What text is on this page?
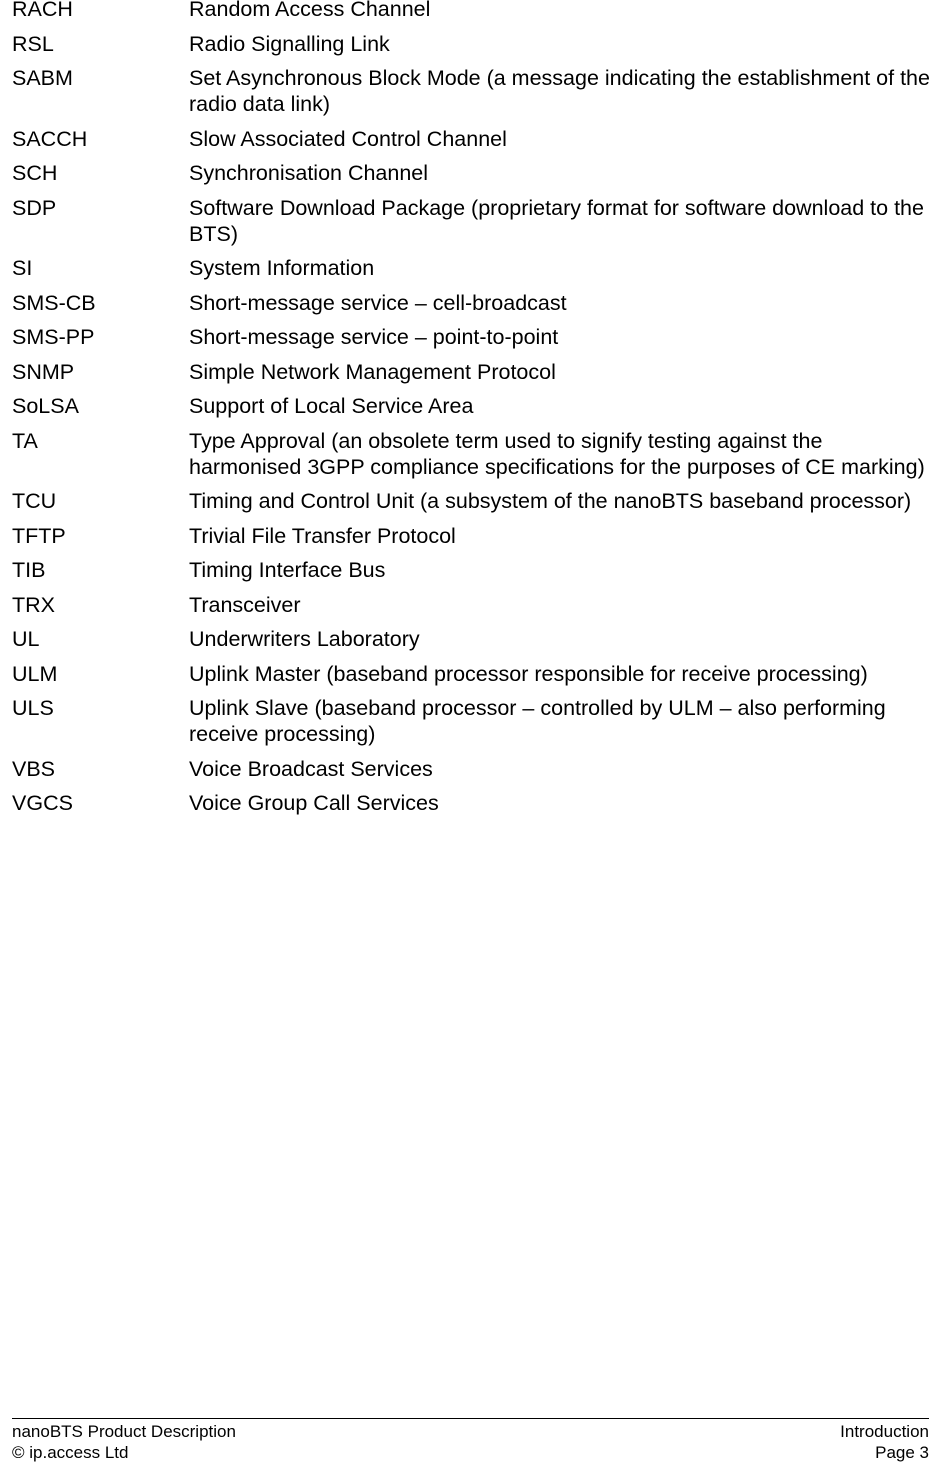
RACH	Random Access Channel
RSL	Radio Signalling Link
SABM	Set Asynchronous Block Mode (a message indicating the establishment of the radio data link)
SACCH	Slow Associated Control Channel
SCH	Synchronisation Channel
SDP	Software Download Package (proprietary format for software download to the BTS)
SI	System Information
SMS-CB	Short-message service – cell-broadcast
SMS-PP	Short-message service – point-to-point
SNMP	Simple Network Management Protocol
SoLSA	Support of Local Service Area
TA	Type Approval (an obsolete term used to signify testing against the harmonised 3GPP compliance specifications for the purposes of CE marking)
TCU	Timing and Control Unit (a subsystem of the nanoBTS baseband processor)
TFTP	Trivial File Transfer Protocol
TIB	Timing Interface Bus
TRX	Transceiver
UL	Underwriters Laboratory
ULM	Uplink Master (baseband processor responsible for receive processing)
ULS	Uplink Slave (baseband processor – controlled by ULM – also performing receive processing)
VBS	Voice Broadcast Services
VGCS	Voice Group Call Services
nanoBTS Product Description	Introduction
© ip.access Ltd	Page 3
